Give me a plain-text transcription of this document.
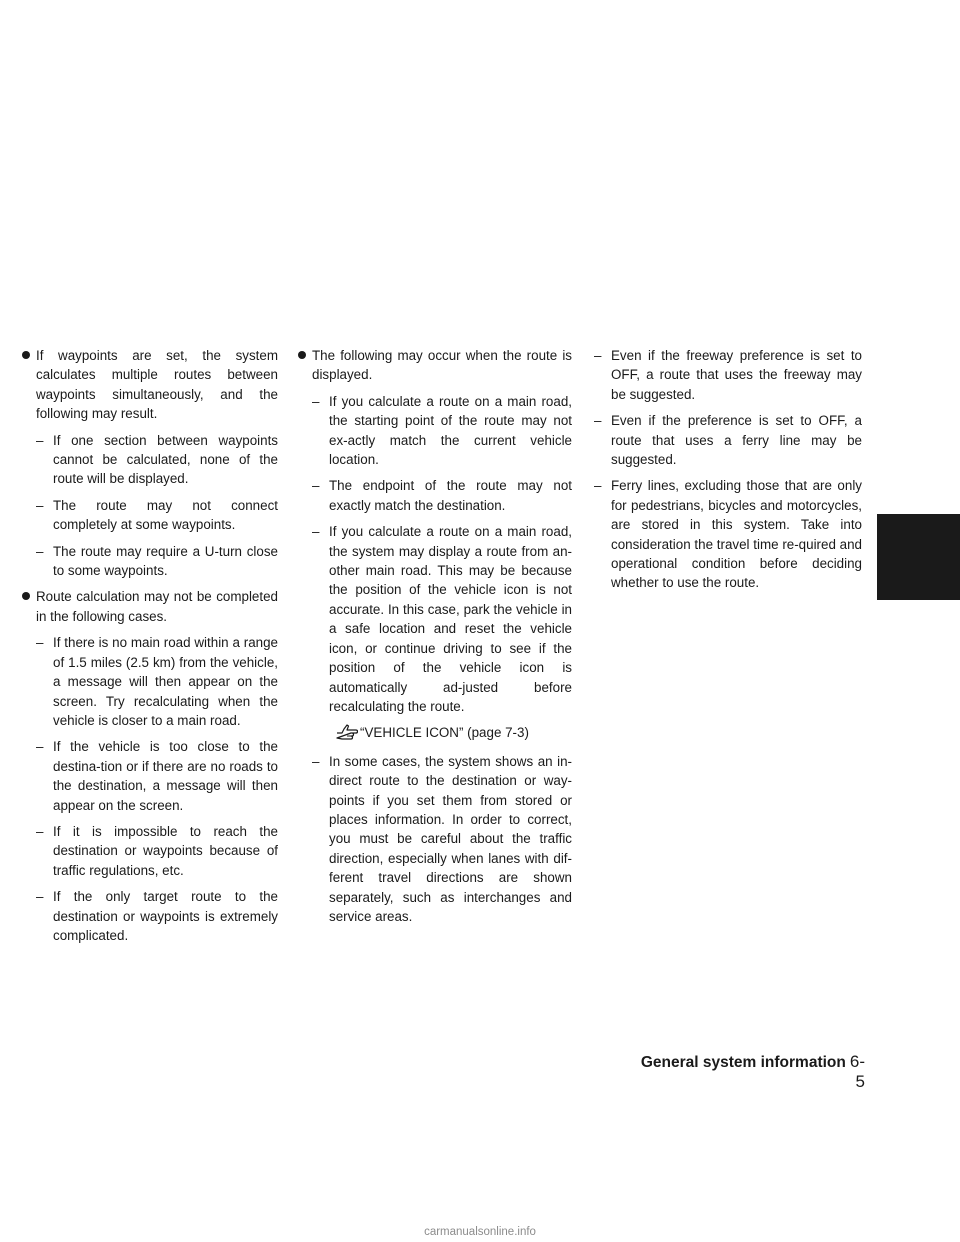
If waypoints are set, the system calculates multiple routes between waypoints simultaneously, and the following may result.
– If one section between waypoints cannot be calculated, none of the route will be displayed.
– The route may not connect completely at some waypoints.
– The route may require a U-turn close to some waypoints.
Route calculation may not be completed in the following cases.
– If there is no main road within a range of 1.5 miles (2.5 km) from the vehicle, a message will then appear on the screen. Try recalculating when the vehicle is closer to a main road.
– If the vehicle is too close to the destina-tion or if there are no roads to the destination, a message will then appear on the screen.
– If it is impossible to reach the destination or waypoints because of traffic regulations, etc.
– If the only target route to the destination or waypoints is extremely complicated.
The following may occur when the route is displayed.
– If you calculate a route on a main road, the starting point of the route may not ex-actly match the current vehicle location.
– The endpoint of the route may not exactly match the destination.
– If you calculate a route on a main road, the system may display a route from an-other main road. This may be because the position of the vehicle icon is not accurate. In this case, park the vehicle in a safe location and reset the vehicle icon, or continue driving to see if the position of the vehicle icon is automatically ad-justed before recalculating the route.
“VEHICLE ICON” (page 7-3)
– In some cases, the system shows an in-direct route to the destination or way-points if you set them from stored or places information. In order to correct, you must be careful about the traffic direction, especially when lanes with dif-ferent travel directions are shown separately, such as interchanges and service areas.
– Even if the freeway preference is set to OFF, a route that uses the freeway may be suggested.
– Even if the preference is set to OFF, a route that uses a ferry line may be suggested.
– Ferry lines, excluding those that are only for pedestrians, bicycles and motorcycles, are stored in this system. Take into consideration the travel time re-quired and operational condition before deciding whether to use the route.
General system information 6-5
carmanualsonline.info
